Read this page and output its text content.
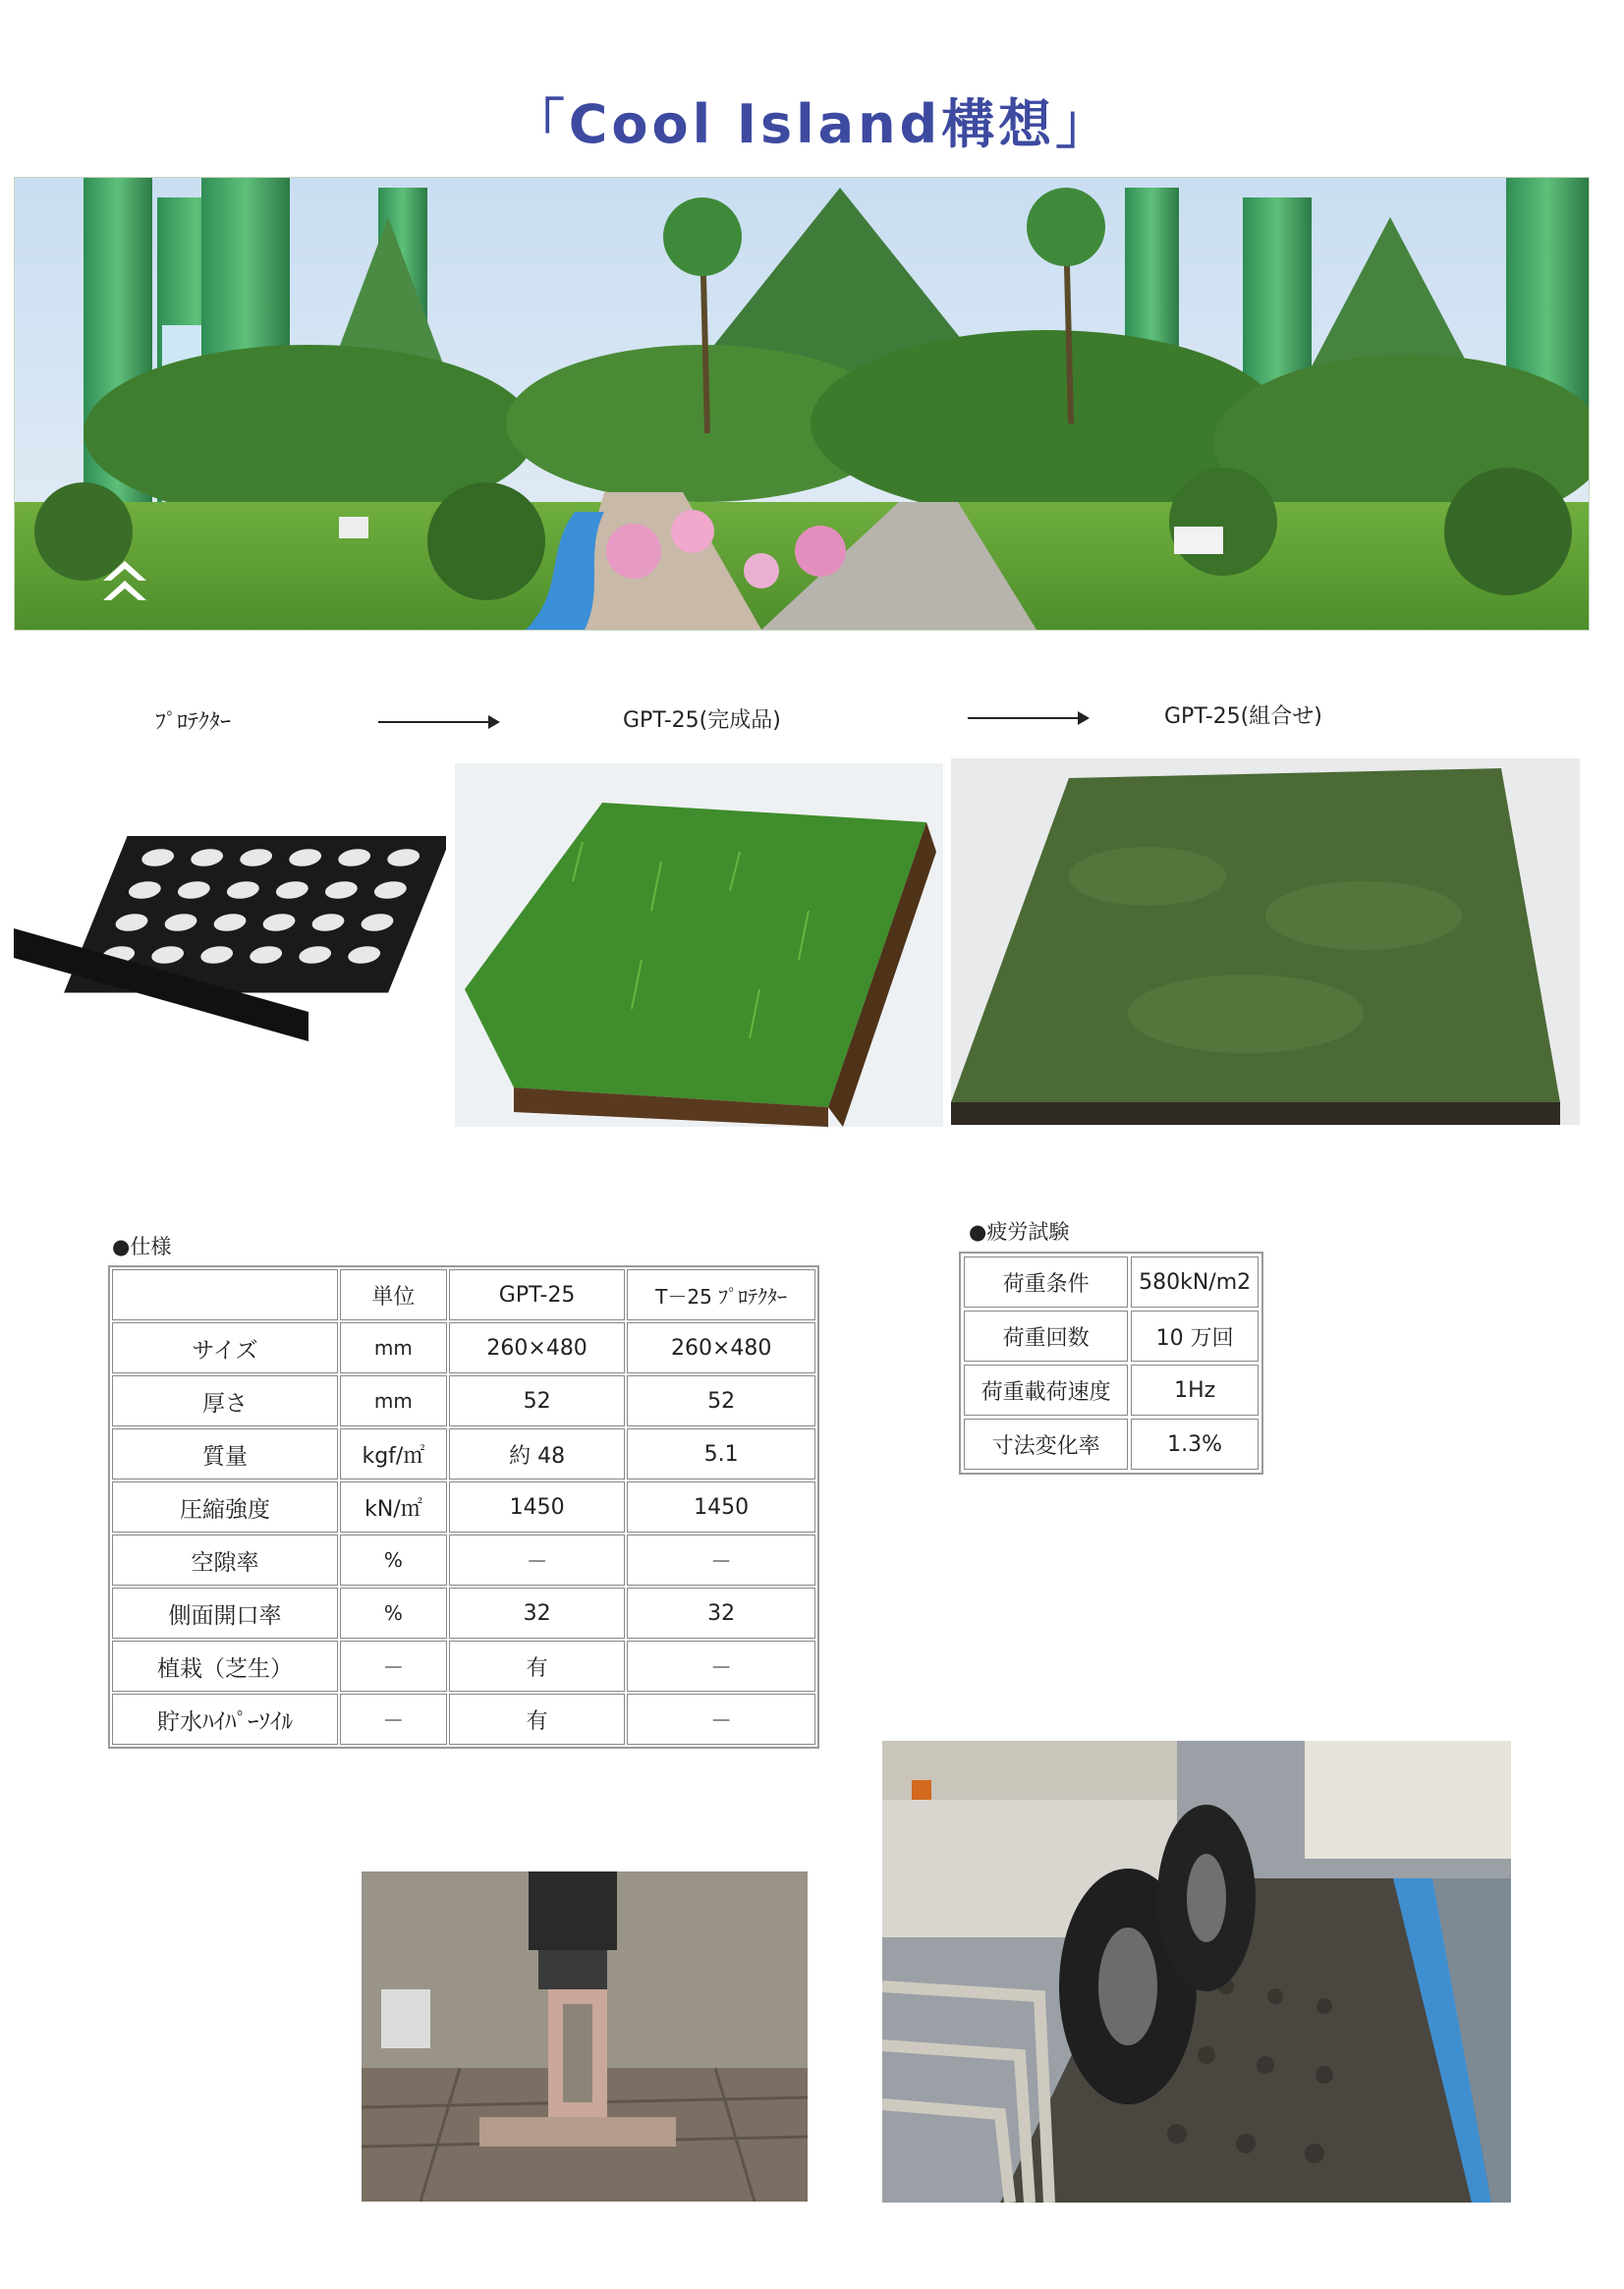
「Cool Island構想」
ﾌﾟﾛﾃｸﾀｰ	GPT-25(完成品)	GPT-25(組合せ)
●仕様
	単位	GPT-25	T－25 ﾌﾟﾛﾃｸﾀｰ
サイズ	mm	260×480	260×480
厚さ	mm	52	52
質量	kgf/㎡	約 48	5.1
圧縮強度	kN/㎡	1450	1450
空隙率	%	－	－
側面開口率	%	32	32
植栽（芝生）	－	有	－
貯水ﾊｲﾊﾟｰｿｲﾙ	－	有	－
●疲労試験
荷重条件	580kN/m2
荷重回数	10 万回
荷重載荷速度	1Hz
寸法変化率	1.3%
